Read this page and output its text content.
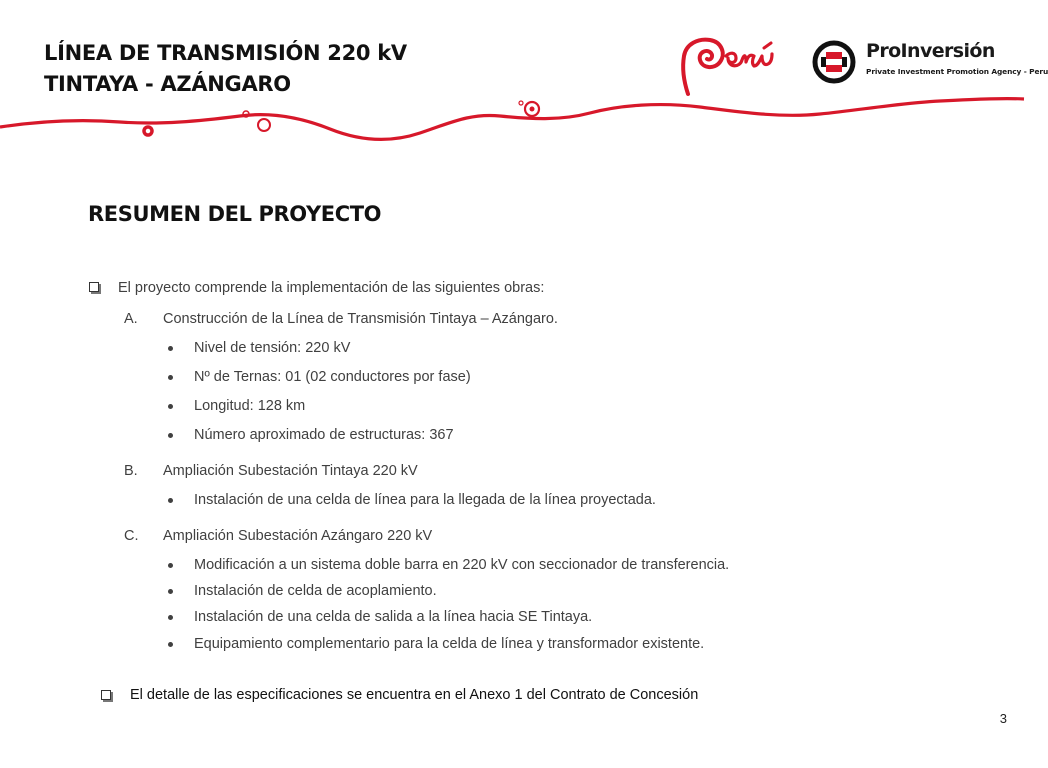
LÍNEA DE TRANSMISIÓN 220 kV
TINTAYA - AZÁNGARO
ProInversión
Private Investment Promotion Agency - Peru
RESUMEN DEL PROYECTO
El proyecto comprende la implementación de las siguientes obras:
A. Construcción de la Línea de Transmisión Tintaya – Azángaro.
Nivel de tensión: 220 kV
Nº de Ternas: 01 (02 conductores por fase)
Longitud: 128 km
Número aproximado de estructuras: 367
B. Ampliación Subestación Tintaya 220 kV
Instalación de una celda de línea para la llegada de la línea proyectada.
C. Ampliación Subestación Azángaro 220 kV
Modificación a un sistema doble barra en 220 kV con seccionador de transferencia.
Instalación de celda de acoplamiento.
Instalación de una celda de salida a la línea hacia SE Tintaya.
Equipamiento complementario para la celda de línea y transformador existente.
El detalle de las especificaciones se encuentra en el Anexo 1 del Contrato de Concesión
3
